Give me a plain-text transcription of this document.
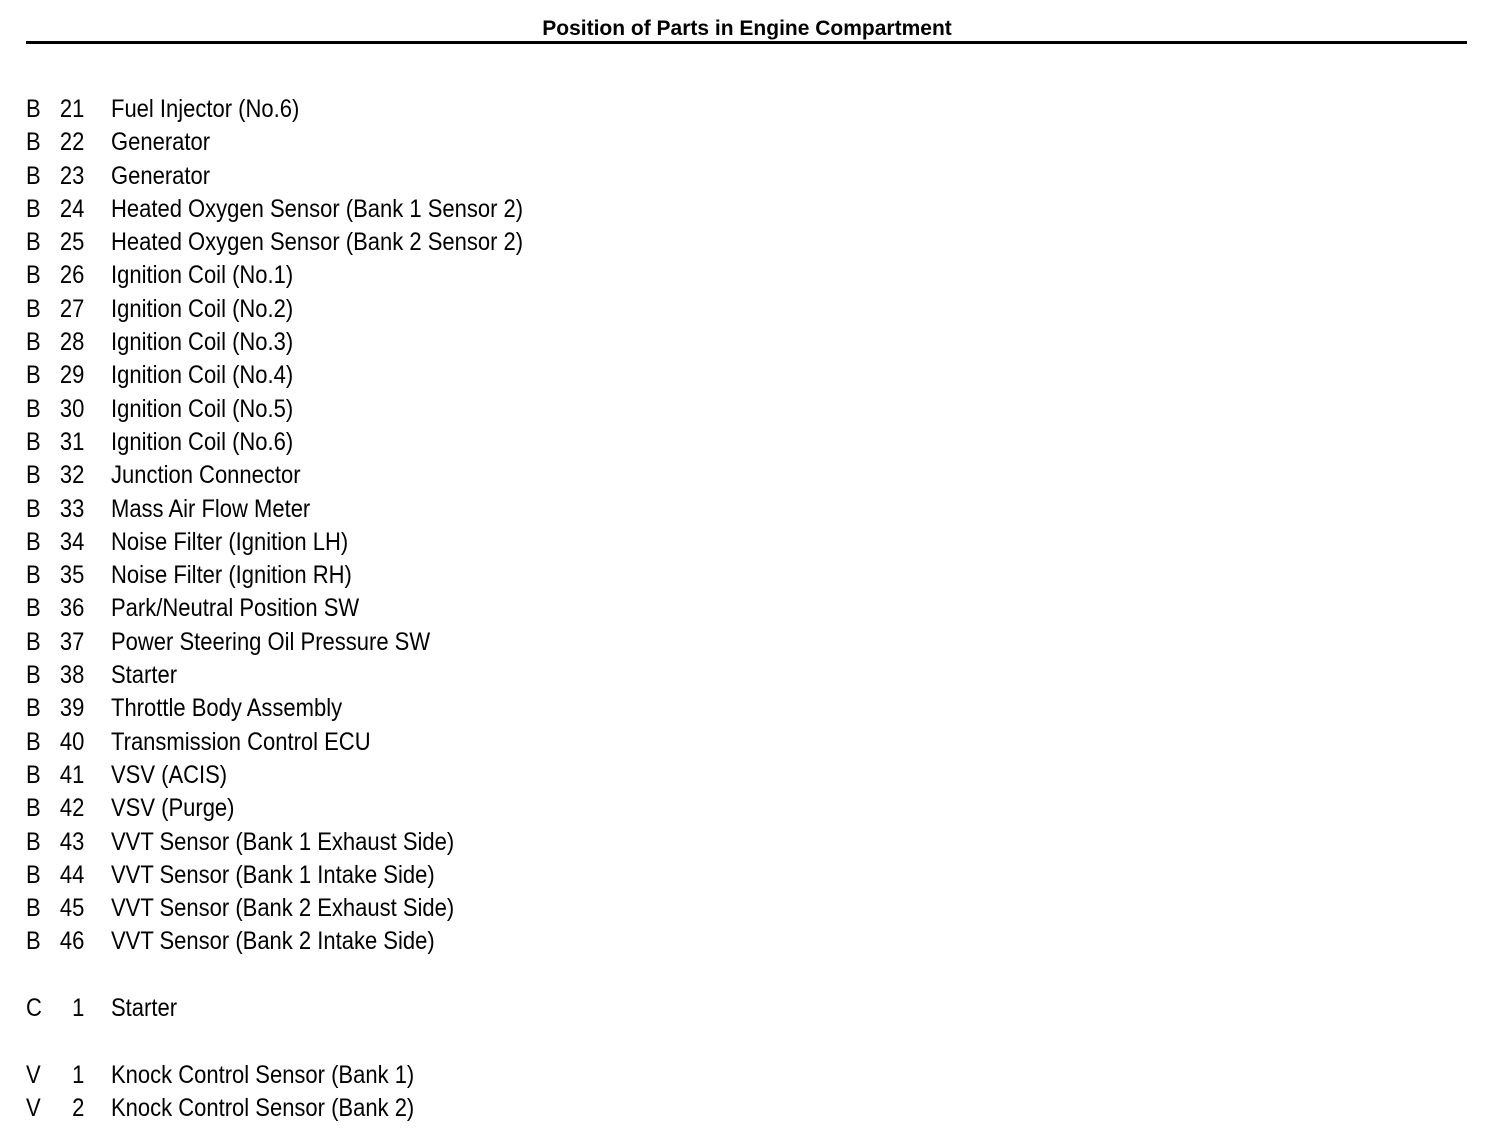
Position of Parts in Engine Compartment
B 21 Fuel Injector (No.6)
B 22 Generator
B 23 Generator
B 24 Heated Oxygen Sensor (Bank 1 Sensor 2)
B 25 Heated Oxygen Sensor (Bank 2 Sensor 2)
B 26 Ignition Coil (No.1)
B 27 Ignition Coil (No.2)
B 28 Ignition Coil (No.3)
B 29 Ignition Coil (No.4)
B 30 Ignition Coil (No.5)
B 31 Ignition Coil (No.6)
B 32 Junction Connector
B 33 Mass Air Flow Meter
B 34 Noise Filter (Ignition LH)
B 35 Noise Filter (Ignition RH)
B 36 Park/Neutral Position SW
B 37 Power Steering Oil Pressure SW
B 38 Starter
B 39 Throttle Body Assembly
B 40 Transmission Control ECU
B 41 VSV (ACIS)
B 42 VSV (Purge)
B 43 VVT Sensor (Bank 1 Exhaust Side)
B 44 VVT Sensor (Bank 1 Intake Side)
B 45 VVT Sensor (Bank 2 Exhaust Side)
B 46 VVT Sensor (Bank 2 Intake Side)
C	1 Starter
V	1 Knock Control Sensor (Bank 1)
V	2 Knock Control Sensor (Bank 2)
